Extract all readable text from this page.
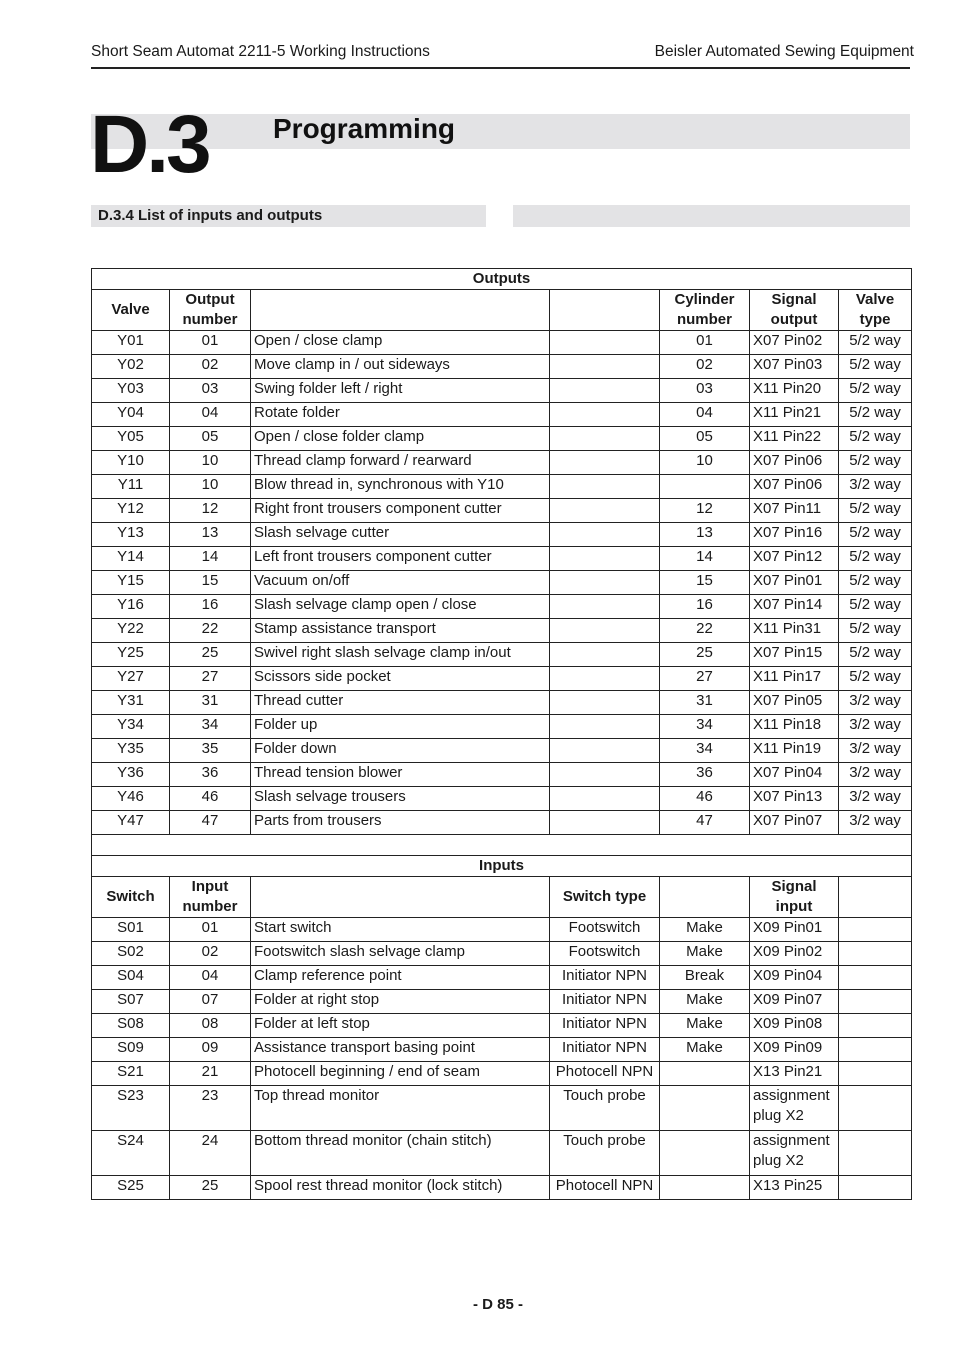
Short Seam Automat 2211-5 Working Instructions	Beisler Automated Sewing Equipment
D.3 Programming
D.3.4 List of inputs and outputs
Outputs						
Valve	Output number			Cylinder number	Signal output	Valve type
Y01	01	Open / close clamp		01	X07 Pin02	5/2 way
Y02	02	Move clamp in / out sideways		02	X07 Pin03	5/2 way
Y03	03	Swing folder left / right		03	X11 Pin20	5/2 way
Y04	04	Rotate folder		04	X11 Pin21	5/2 way
Y05	05	Open / close folder clamp		05	X11 Pin22	5/2 way
Y10	10	Thread clamp forward / rearward		10	X07 Pin06	5/2 way
Y11	10	Blow thread in, synchronous with Y10			X07 Pin06	3/2 way
Y12	12	Right front trousers component cutter		12	X07 Pin11	5/2 way
Y13	13	Slash selvage cutter		13	X07 Pin16	5/2 way
Y14	14	Left front trousers component cutter		14	X07 Pin12	5/2 way
Y15	15	Vacuum on/off		15	X07 Pin01	5/2 way
Y16	16	Slash selvage clamp open / close		16	X07 Pin14	5/2 way
Y22	22	Stamp assistance transport		22	X11 Pin31	5/2 way
Y25	25	Swivel right slash selvage clamp in/out		25	X07 Pin15	5/2 way
Y27	27	Scissors side pocket		27	X11 Pin17	5/2 way
Y31	31	Thread cutter		31	X07 Pin05	3/2 way
Y34	34	Folder up		34	X11 Pin18	3/2 way
Y35	35	Folder down		34	X11 Pin19	3/2 way
Y36	36	Thread tension blower		36	X07 Pin04	3/2 way
Y46	46	Slash selvage trousers		46	X07 Pin13	3/2 way
Y47	47	Parts from trousers		47	X07 Pin07	3/2 way

Inputs						
Switch	Input number		Switch type		Signal input	
S01	01	Start switch	Footswitch	Make	X09 Pin01	
S02	02	Footswitch slash selvage clamp	Footswitch	Make	X09 Pin02	
S04	04	Clamp reference point	Initiator NPN	Break	X09 Pin04	
S07	07	Folder at right stop	Initiator NPN	Make	X09 Pin07	
S08	08	Folder at left stop	Initiator NPN	Make	X09 Pin08	
S09	09	Assistance transport basing point	Initiator NPN	Make	X09 Pin09	
S21	21	Photocell beginning / end of seam	Photocell NPN		X13 Pin21	
S23	23	Top thread monitor	Touch probe		assignment plug X2	
S24	24	Bottom thread monitor (chain stitch)	Touch probe		assignment plug X2	
S25	25	Spool rest thread monitor (lock stitch)	Photocell NPN		X13 Pin25	
- D 85 -
